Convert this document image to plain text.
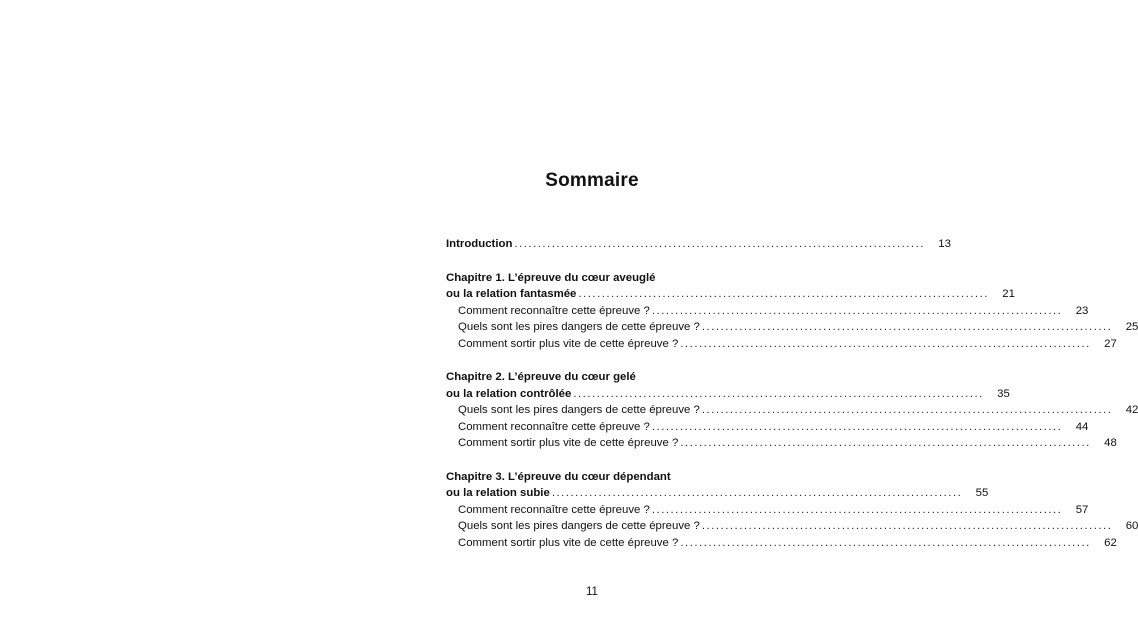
Sommaire
Introduction ........................................................................................	13
Chapitre 1. L’épreuve du cœur aveuglé
ou la relation fantasmée ........................................................................................	21
Comment reconnaître cette épreuve ? ........................................................................................	23
Quels sont les pires dangers de cette épreuve ? ........................................................................................	25
Comment sortir plus vite de cette épreuve ? ........................................................................................	27
Chapitre 2. L’épreuve du cœur gelé
ou la relation contrôlée ........................................................................................	35
Quels sont les pires dangers de cette épreuve ? ........................................................................................	42
Comment reconnaître cette épreuve ? ........................................................................................	44
Comment sortir plus vite de cette épreuve ? ........................................................................................	48
Chapitre 3. L’épreuve du cœur dépendant
ou la relation subie ........................................................................................	55
Comment reconnaître cette épreuve ? ........................................................................................	57
Quels sont les pires dangers de cette épreuve ? ........................................................................................	60
Comment sortir plus vite de cette épreuve ? ........................................................................................	62
11
